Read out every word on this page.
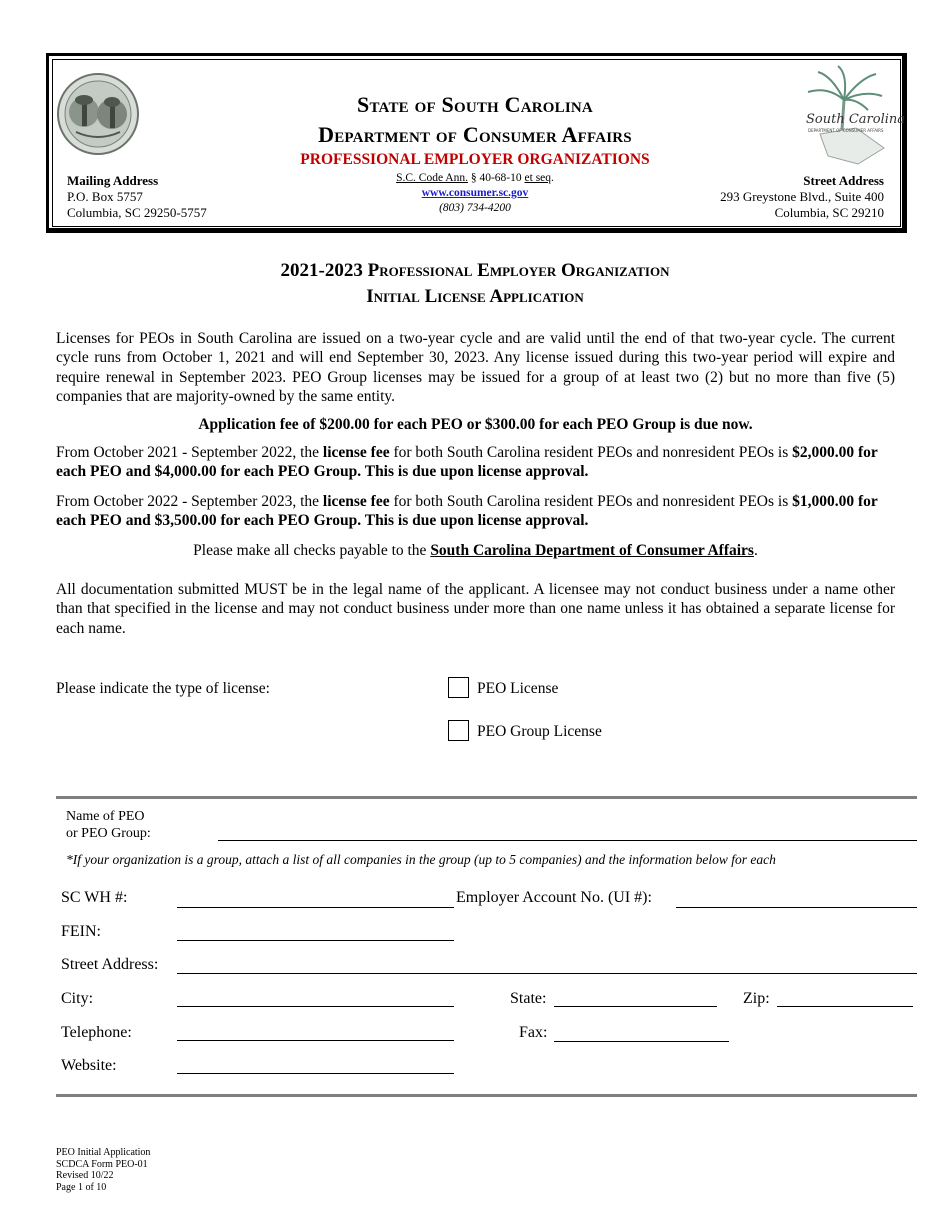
South Carolina
DEPARTMENT OF CONSUMER AFFAIRS
State of South Carolina
Department of Consumer Affairs
PROFESSIONAL EMPLOYER ORGANIZATIONS
S.C. Code Ann. § 40-68-10 et seq.
www.consumer.sc.gov
(803) 734-4200
Mailing Address
P.O. Box 5757
Columbia, SC 29250-5757
Street Address
293 Greystone Blvd., Suite 400
Columbia, SC 29210
2021-2023 Professional Employer Organization
Initial License Application

Licenses for PEOs in South Carolina are issued on a two-year cycle and are valid until the end of that two-year cycle. The current cycle runs from October 1, 2021 and will end September 30, 2023. Any license issued during this two-year period will expire and require renewal in September 2023. PEO Group licenses may be issued for a group of at least two (2) but no more than five (5) companies that are majority-owned by the same entity.

Application fee of $200.00 for each PEO or $300.00 for each PEO Group is due now.

From October 2021 - September 2022, the license fee for both South Carolina resident PEOs and nonresident PEOs is $2,000.00 for each PEO and $4,000.00 for each PEO Group. This is due upon license approval.

From October 2022 - September 2023, the license fee for both South Carolina resident PEOs and nonresident PEOs is $1,000.00 for each PEO and $3,500.00 for each PEO Group. This is due upon license approval.

Please make all checks payable to the South Carolina Department of Consumer Affairs.

All documentation submitted MUST be in the legal name of the applicant. A licensee may not conduct business under a name other than that specified in the license and may not conduct business under more than one name unless it has obtained a separate license for each name.

Please indicate the type of license:	PEO License
PEO Group License
Name of PEO
or PEO Group:
*If your organization is a group, attach a list of all companies in the group (up to 5 companies) and the information below for each
SC WH #:	Employer Account No. (UI #):
FEIN:
Street Address:
City:	State:	Zip:
Telephone:	Fax:
Website:
PEO Initial Application
SCDCA Form PEO-01
Revised 10/22
Page 1 of 10
